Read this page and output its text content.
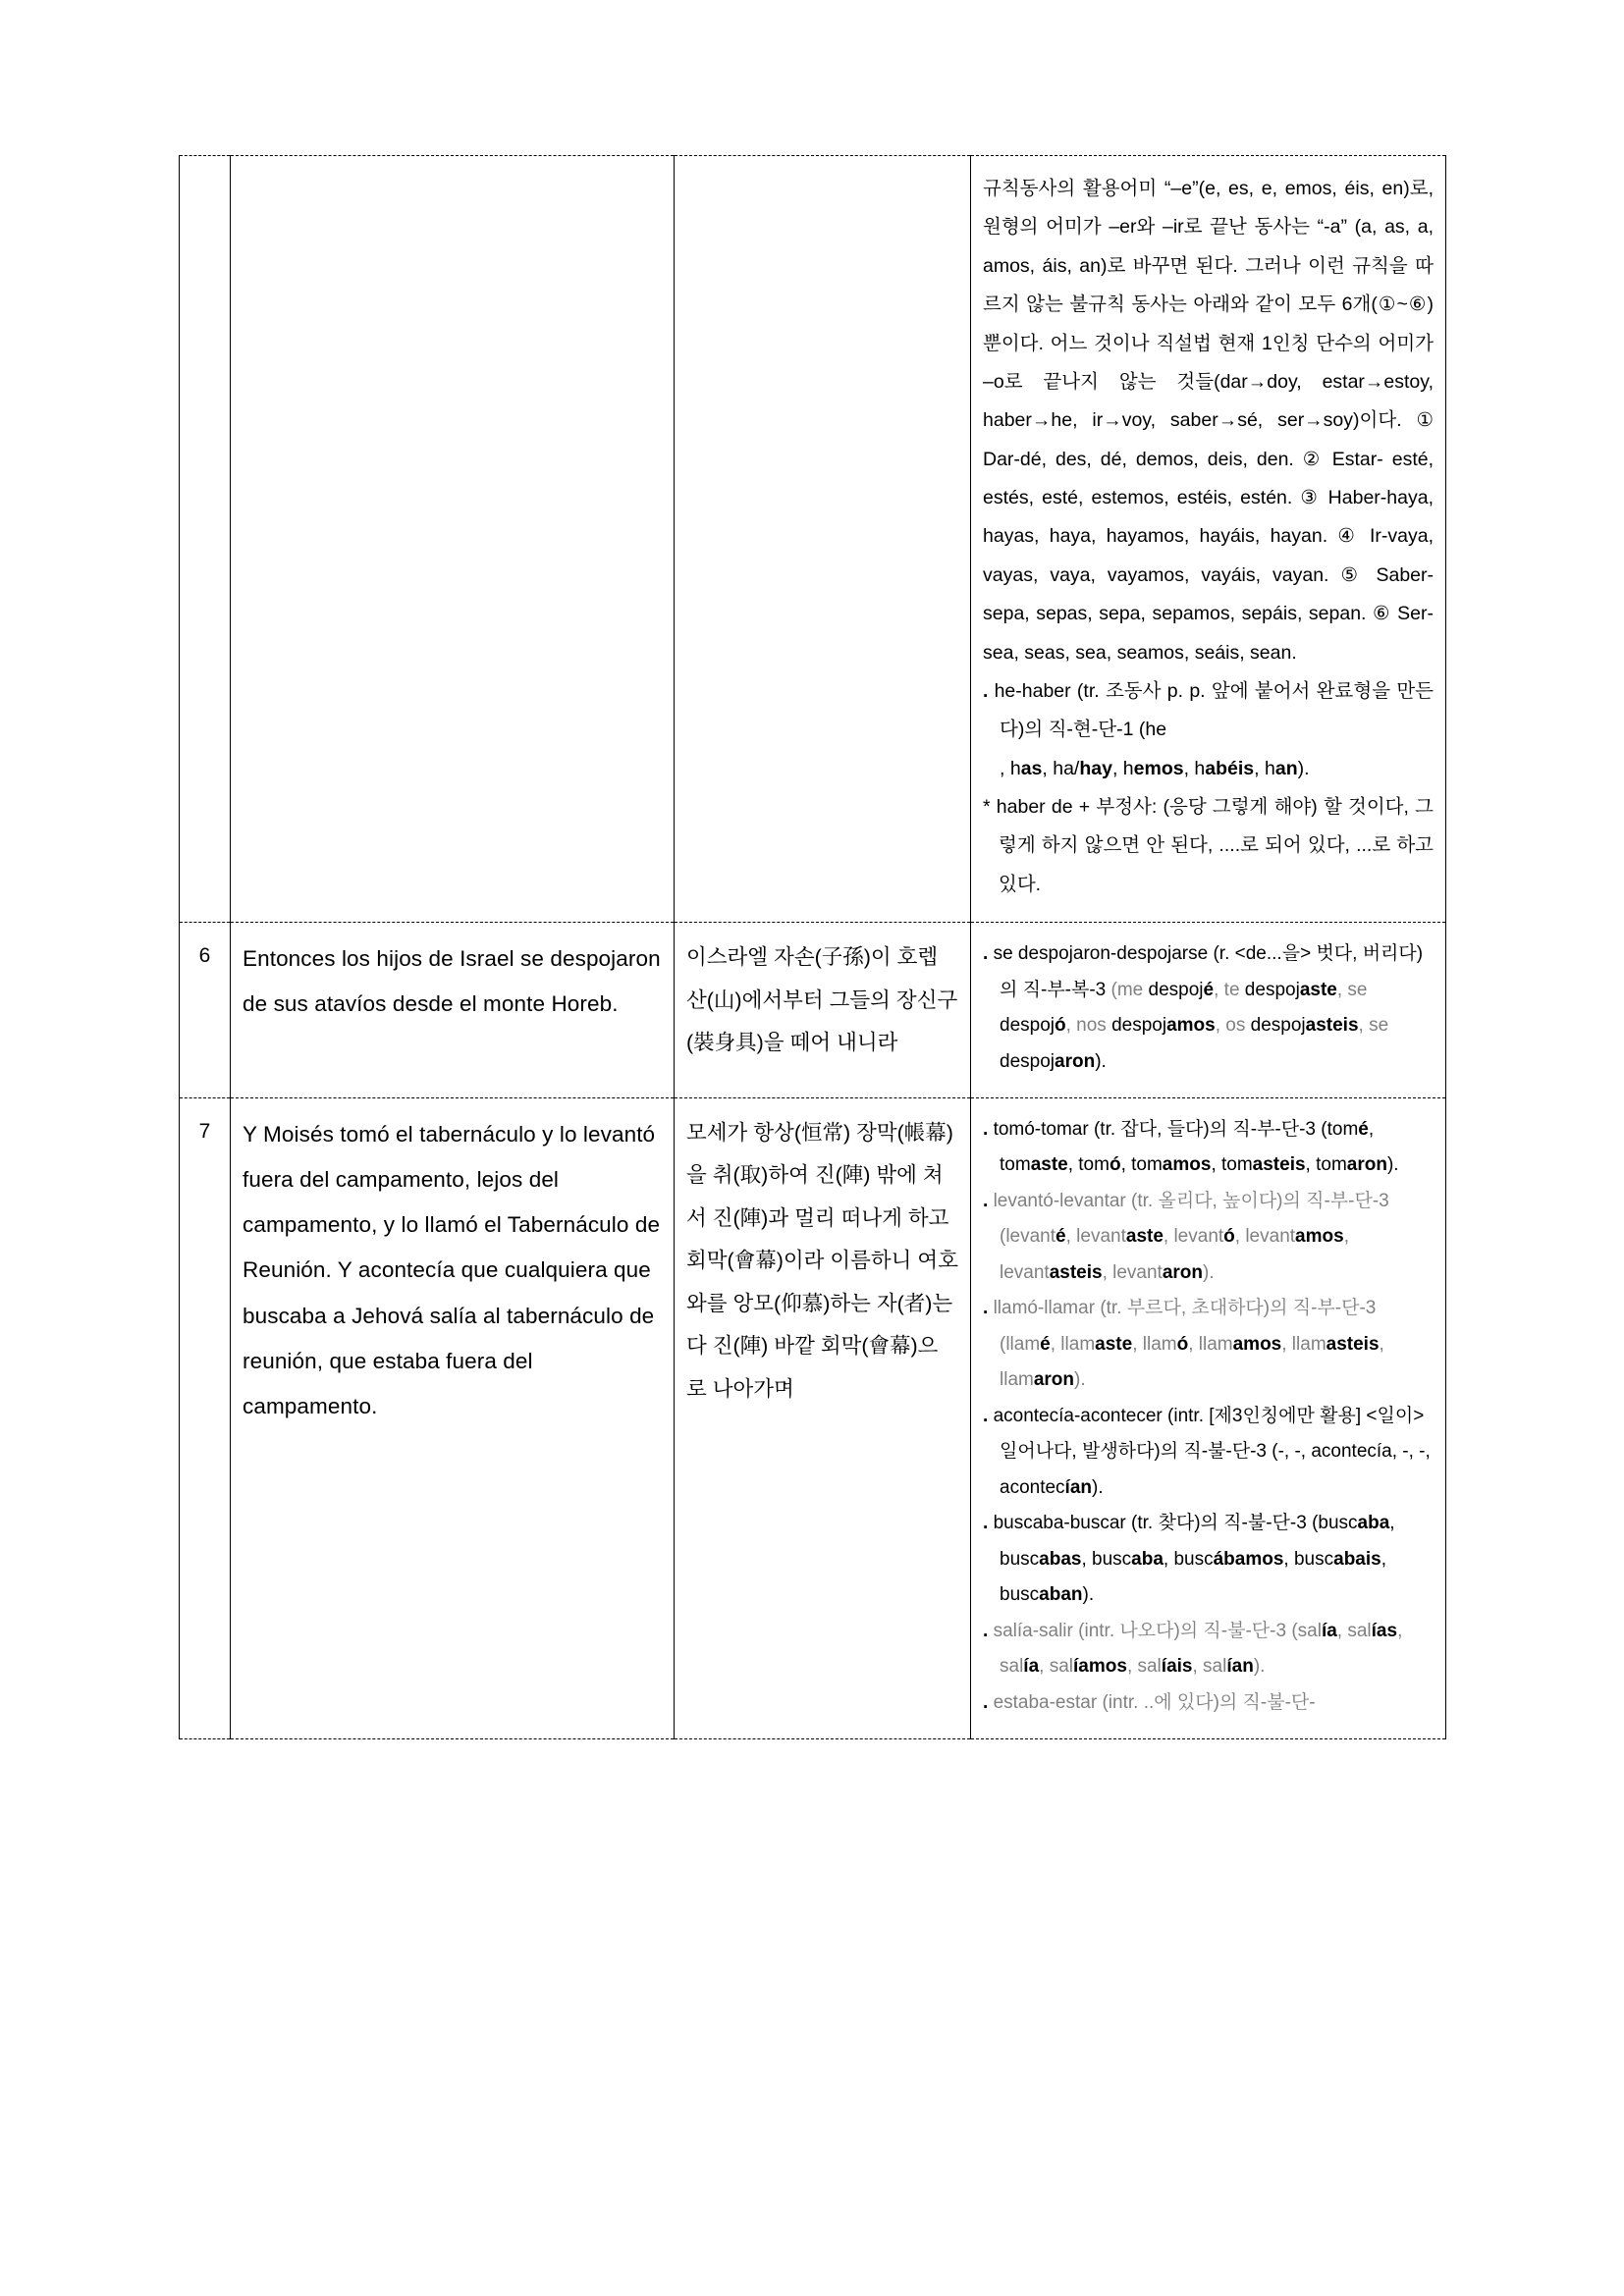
			규칙동사의 활용어미 “–e”(e, es, e, emos, éis, en)로, 원형의 어미가 –er와 –ir로 끝난 동사는 “-a” (a, as, a, amos, áis, an)로 바꾸면 된다. 그러나 이런 규칙을 따르지 않는 불규칙 동사는 아래와 같이 모두 6개(①~⑥) 뿐이다. 어느 것이나 직설법 현재 1인칭 단수의 어미가 –o로 끝나지 않는 것들(dar→doy, estar→estoy, haber→he, ir→voy, saber→sé, ser→soy)이다. ① Dar-dé, des, dé, demos, deis, den. ② Estar- esté, estés, esté, estemos, estéis, estén. ③ Haber-haya, hayas, haya, hayamos, hayáis, hayan. ④ Ir-vaya, vayas, vaya, vayamos, vayáis, vayan. ⑤ Saber-sepa, sepas, sepa, sepamos, sepáis, sepan. ⑥ Ser- sea, seas, sea, seamos, seáis, sean.
. he-haber (tr. 조동사 p. p. 앞에 붙어서 완료형을 만든다)의 직-현-단-1 (he
, has, ha/hay, hemos, habéis, han).
* haber de + 부정사: (응당 그렇게 해야) 할 것이다, 그렇게 하지 않으면 안 된다, ....로 되어 있다, ...로 하고 있다.

6	Entonces los hijos de Israel se despojaron de sus atavíos desde el monte Horeb.	이스라엘 자손(子孫)이 호렙 산(山)에서부터 그들의 장신구(裝身具)을 떼어 내니라	. se despojaron-despojarse (r. <de...을> 벗다, 버리다)의 직-부-복-3 (me despojé, te despojaste, se despojó, nos despojamos, os despojasteis, se despojaron).

7	Y Moisés tomó el tabernáculo y lo levantó fuera del campamento, lejos del campamento, y lo llamó el Tabernáculo de Reunión. Y acontecía que cualquiera que buscaba a Jehová salía al tabernáculo de reunión, que estaba fuera del campamento.	모세가 항상(恒常) 장막(帳幕)을 취(取)하여 진(陣) 밖에 쳐서 진(陣)과 멀리 떠나게 하고 회막(會幕)이라 이름하니 여호와를 앙모(仰慕)하는 자(者)는 다 진(陣) 바깥 회막(會幕)으로 나아가며	
. tomó-tomar (tr. 잡다, 들다)의 직-부-단-3 (tomé, tomaste, tomó, tomamos, tomasteis, tomaron).
. levantó-levantar (tr. 올리다, 높이다)의 직-부-단-3 (levanté, levantaste, levantó, levantamos, levantasteis, levantaron).
. llamó-llamar (tr. 부르다, 초대하다)의 직-부-단-3 (llamé, llamaste, llamó, llamamos, llamasteis, llamaron).
. acontecía-acontecer (intr. [제3인칭에만 활용] <일이>일어나다, 발생하다)의 직-불-단-3 (-, -, acontecía, -, -, acontecían).
. buscaba-buscar (tr. 찾다)의 직-불-단-3 (buscaba, buscabas, buscaba, buscábamos, buscabais, buscaban).
. salía-salir (intr. 나오다)의 직-불-단-3 (salía, salías, salía, salíamos, salíais, salían).
. estaba-estar (intr. ..에 있다)의 직-불-단-
